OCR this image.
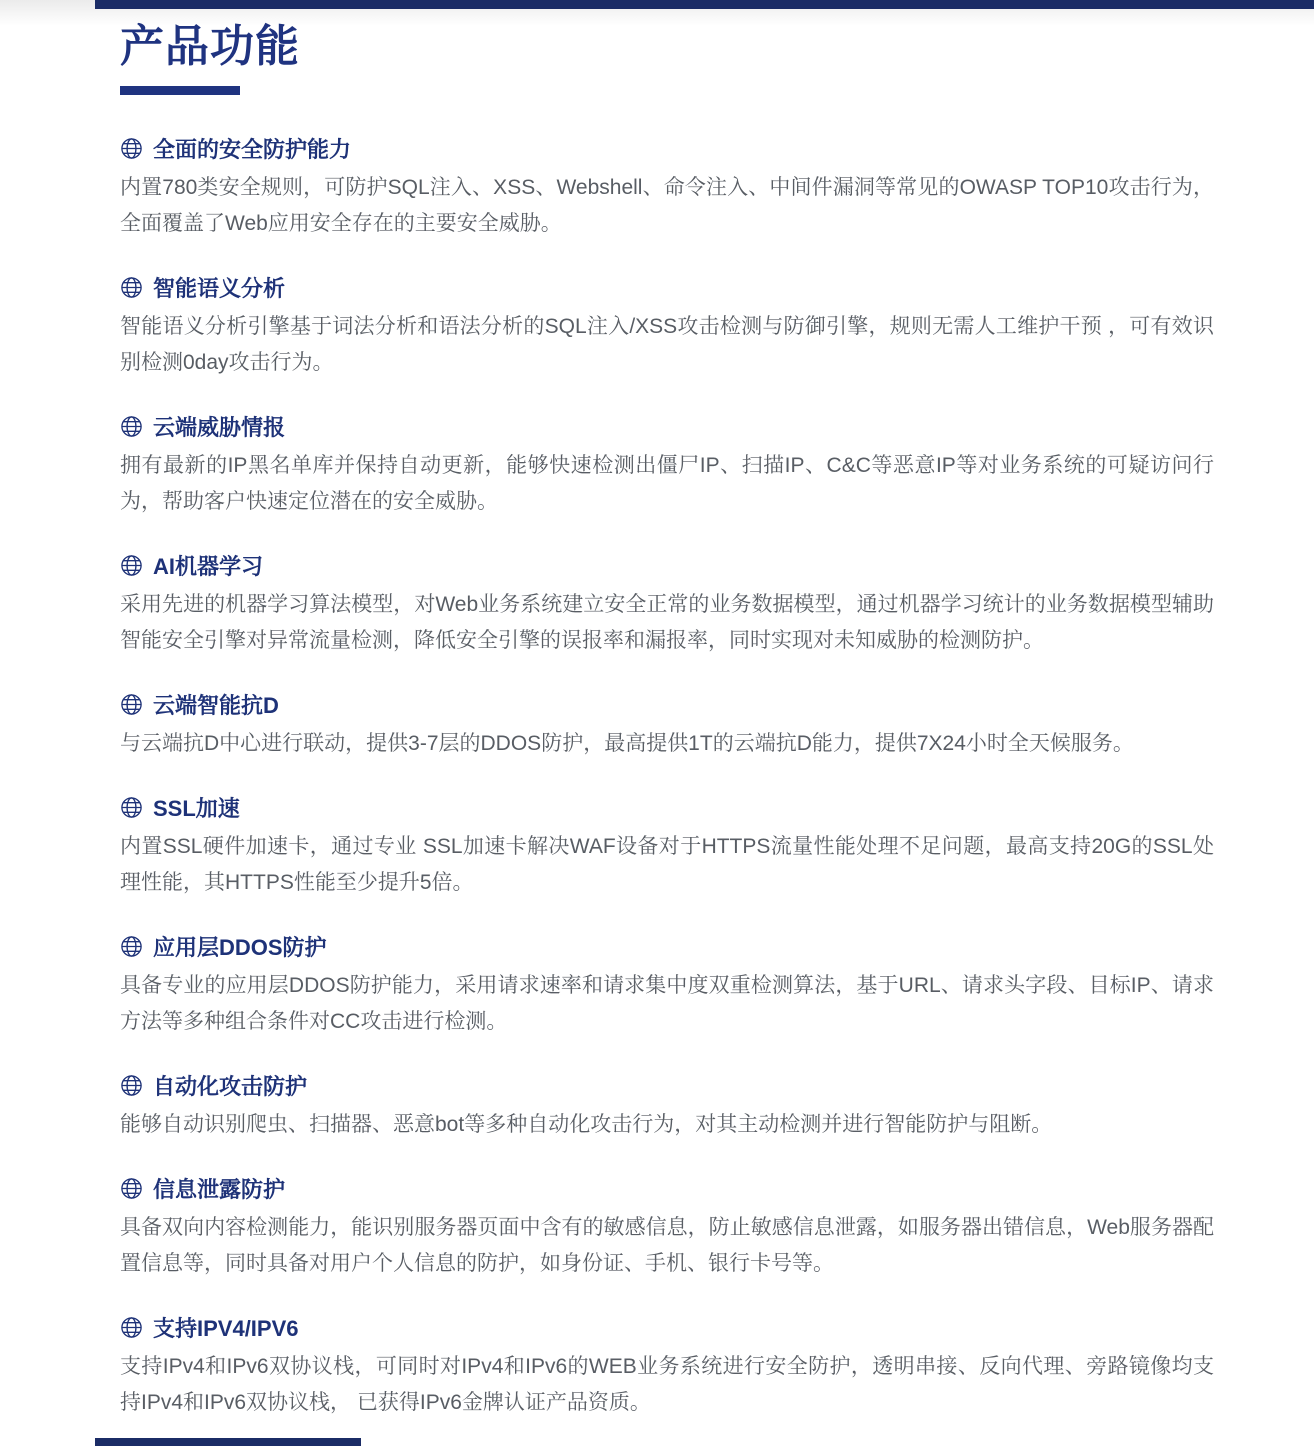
产品功能
全面的安全防护能力

内置780类安全规则，可防护SQL注入、XSS、Webshell、命令注入、中间件漏洞等常见的OWASP TOP10攻击行为，全面覆盖了Web应用安全存在的主要安全威胁。

智能语义分析

智能语义分析引擎基于词法分析和语法分析的SQL注入/XSS攻击检测与防御引擎，规则无需人工维护干预 ，可有效识别检测0day攻击行为。

云端威胁情报

拥有最新的IP黑名单库并保持自动更新，能够快速检测出僵尸IP、扫描IP、C&C等恶意IP等对业务系统的可疑访问行为，帮助客户快速定位潜在的安全威胁。

AI机器学习

采用先进的机器学习算法模型，对Web业务系统建立安全正常的业务数据模型，通过机器学习统计的业务数据模型辅助智能安全引擎对异常流量检测，降低安全引擎的误报率和漏报率，同时实现对未知威胁的检测防护。

云端智能抗D

与云端抗D中心进行联动，提供3-7层的DDOS防护，最高提供1T的云端抗D能力，提供7X24小时全天候服务。

SSL加速

内置SSL硬件加速卡，通过专业 SSL加速卡解决WAF设备对于HTTPS流量性能处理不足问题，最高支持20G的SSL处理性能，其HTTPS性能至少提升5倍。

应用层DDOS防护

具备专业的应用层DDOS防护能力，采用请求速率和请求集中度双重检测算法，基于URL、请求头字段、目标IP、请求方法等多种组合条件对CC攻击进行检测。

自动化攻击防护

能够自动识别爬虫、扫描器、恶意bot等多种自动化攻击行为，对其主动检测并进行智能防护与阻断。

信息泄露防护

具备双向内容检测能力，能识别服务器页面中含有的敏感信息，防止敏感信息泄露，如服务器出错信息，Web服务器配置信息等，同时具备对用户个人信息的防护，如身份证、手机、银行卡号等。

支持IPV4/IPV6

支持IPv4和IPv6双协议栈，可同时对IPv4和IPv6的WEB业务系统进行安全防护，透明串接、反向代理、旁路镜像均支持IPv4和IPv6双协议栈， 已获得IPv6金牌认证产品资质。
